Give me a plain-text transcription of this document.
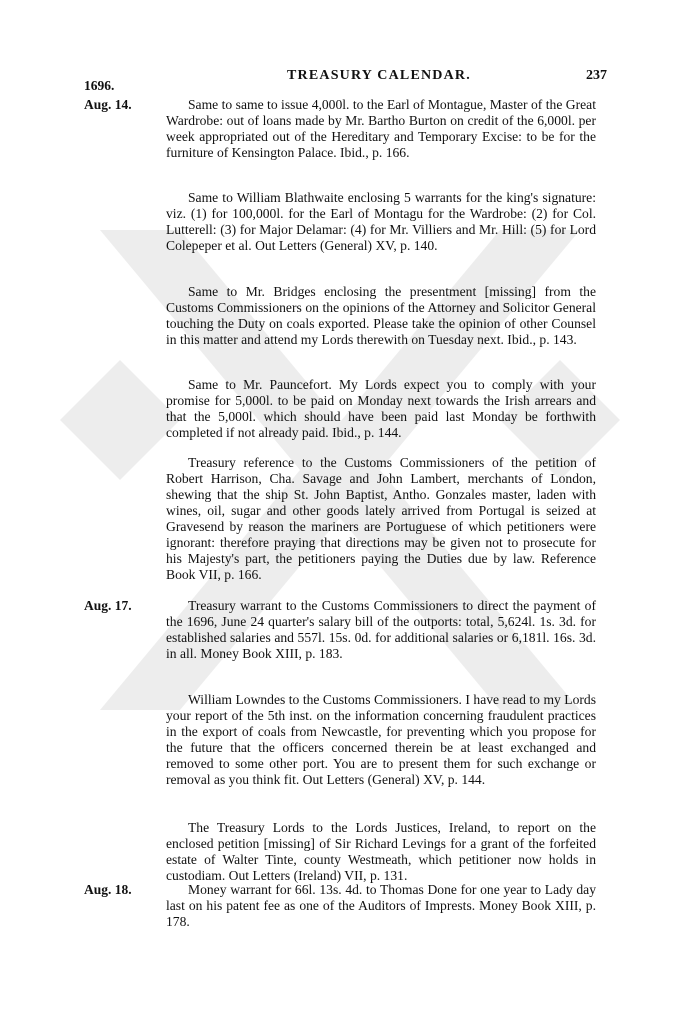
1696.
TREASURY CALENDAR.	237
Aug. 14.	Same to same to issue 4,000l. to the Earl of Montague, Master of the Great Wardrobe: out of loans made by Mr. Bartho Burton on credit of the 6,000l. per week appropriated out of the Hereditary and Temporary Excise: to be for the furniture of Kensington Palace. Ibid., p. 166.
Same to William Blathwaite enclosing 5 warrants for the king's signature: viz. (1) for 100,000l. for the Earl of Montagu for the Wardrobe: (2) for Col. Lutterell: (3) for Major Delamar: (4) for Mr. Villiers and Mr. Hill: (5) for Lord Colepeper et al. Out Letters (General) XV, p. 140.
Same to Mr. Bridges enclosing the presentment [missing] from the Customs Commissioners on the opinions of the Attorney and Solicitor General touching the Duty on coals exported. Please take the opinion of other Counsel in this matter and attend my Lords therewith on Tuesday next. Ibid., p. 143.
Same to Mr. Pauncefort. My Lords expect you to comply with your promise for 5,000l. to be paid on Monday next towards the Irish arrears and that the 5,000l. which should have been paid last Monday be forthwith completed if not already paid. Ibid., p. 144.
Treasury reference to the Customs Commissioners of the petition of Robert Harrison, Cha. Savage and John Lambert, merchants of London, shewing that the ship St. John Baptist, Antho. Gonzales master, laden with wines, oil, sugar and other goods lately arrived from Portugal is seized at Gravesend by reason the mariners are Portuguese of which petitioners were ignorant: therefore praying that directions may be given not to prosecute for his Majesty's part, the petitioners paying the Duties due by law. Reference Book VII, p. 166.
Aug. 17.	Treasury warrant to the Customs Commissioners to direct the payment of the 1696, June 24 quarter's salary bill of the outports: total, 5,624l. 1s. 3d. for established salaries and 557l. 15s. 0d. for additional salaries or 6,181l. 16s. 3d. in all. Money Book XIII, p. 183.
William Lowndes to the Customs Commissioners. I have read to my Lords your report of the 5th inst. on the information concerning fraudulent practices in the export of coals from Newcastle, for preventing which you propose for the future that the officers concerned therein be at least exchanged and removed to some other port. You are to present them for such exchange or removal as you think fit. Out Letters (General) XV, p. 144.
The Treasury Lords to the Lords Justices, Ireland, to report on the enclosed petition [missing] of Sir Richard Levings for a grant of the forfeited estate of Walter Tinte, county Westmeath, which petitioner now holds in custodiam. Out Letters (Ireland) VII, p. 131.
Aug. 18.	Money warrant for 66l. 13s. 4d. to Thomas Done for one year to Lady day last on his patent fee as one of the Auditors of Imprests. Money Book XIII, p. 178.
